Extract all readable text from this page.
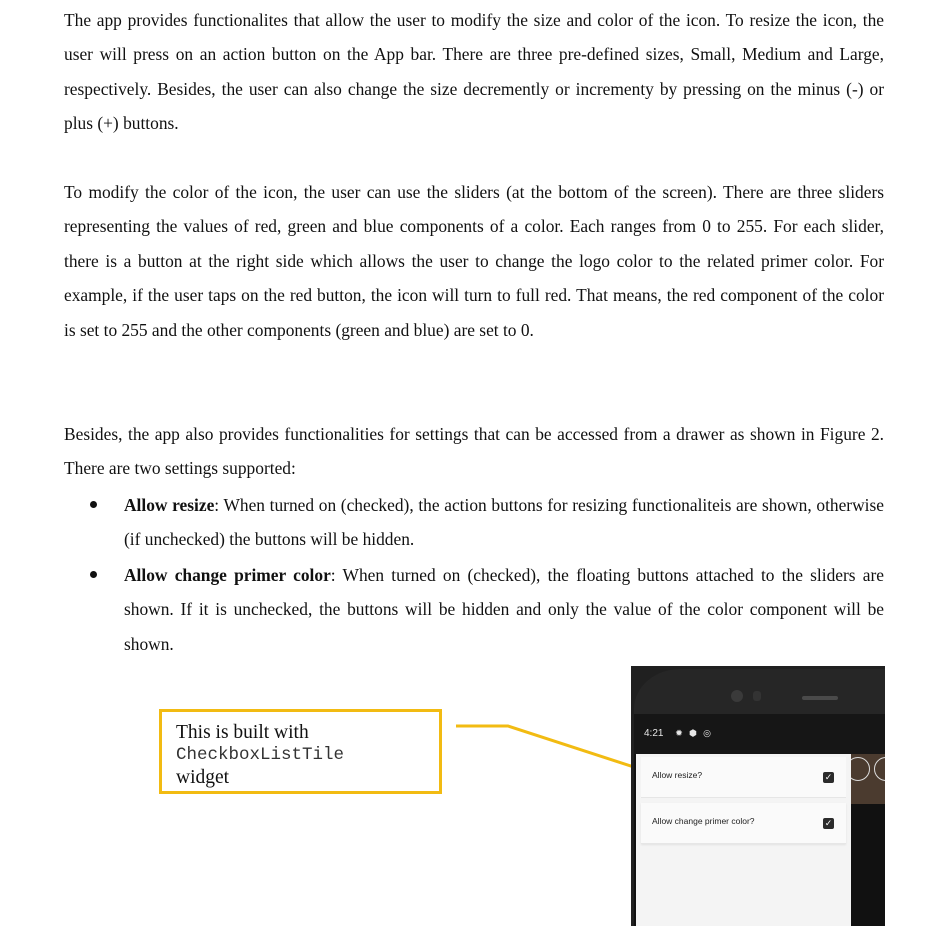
The app provides functionalites that allow the user to modify the size and color of the icon. To resize the icon, the user will press on an action button on the App bar. There are three pre-defined sizes, Small, Medium and Large, respectively. Besides, the user can also change the size decremently or incrementy by pressing on the minus (-) or plus (+) buttons.

To modify the color of the icon, the user can use the sliders (at the bottom of the screen). There are three sliders representing the values of red, green and blue components of a color. Each ranges from 0 to 255. For each slider, there is a button at the right side which allows the user to change the logo color to the related primer color. For example, if the user taps on the red button, the icon will turn to full red. That means, the red component of the color is set to 255 and the other components (green and blue) are set to 0.

Besides, the app also provides functionalities for settings that can be accessed from a drawer as shown in Figure 2. There are two settings supported:

Allow resize: When turned on (checked), the action buttons for resizing functionaliteis are shown, otherwise (if unchecked) the buttons will be hidden.

Allow change primer color: When turned on (checked), the floating buttons attached to the sliders are shown. If it is unchecked, the buttons will be hidden and only the value of the color component will be shown.

This is built with
CheckboxListTile
widget
4:21 ✹ ⬢ ◎
Allow resize?	✓
Allow change primer color?	✓
